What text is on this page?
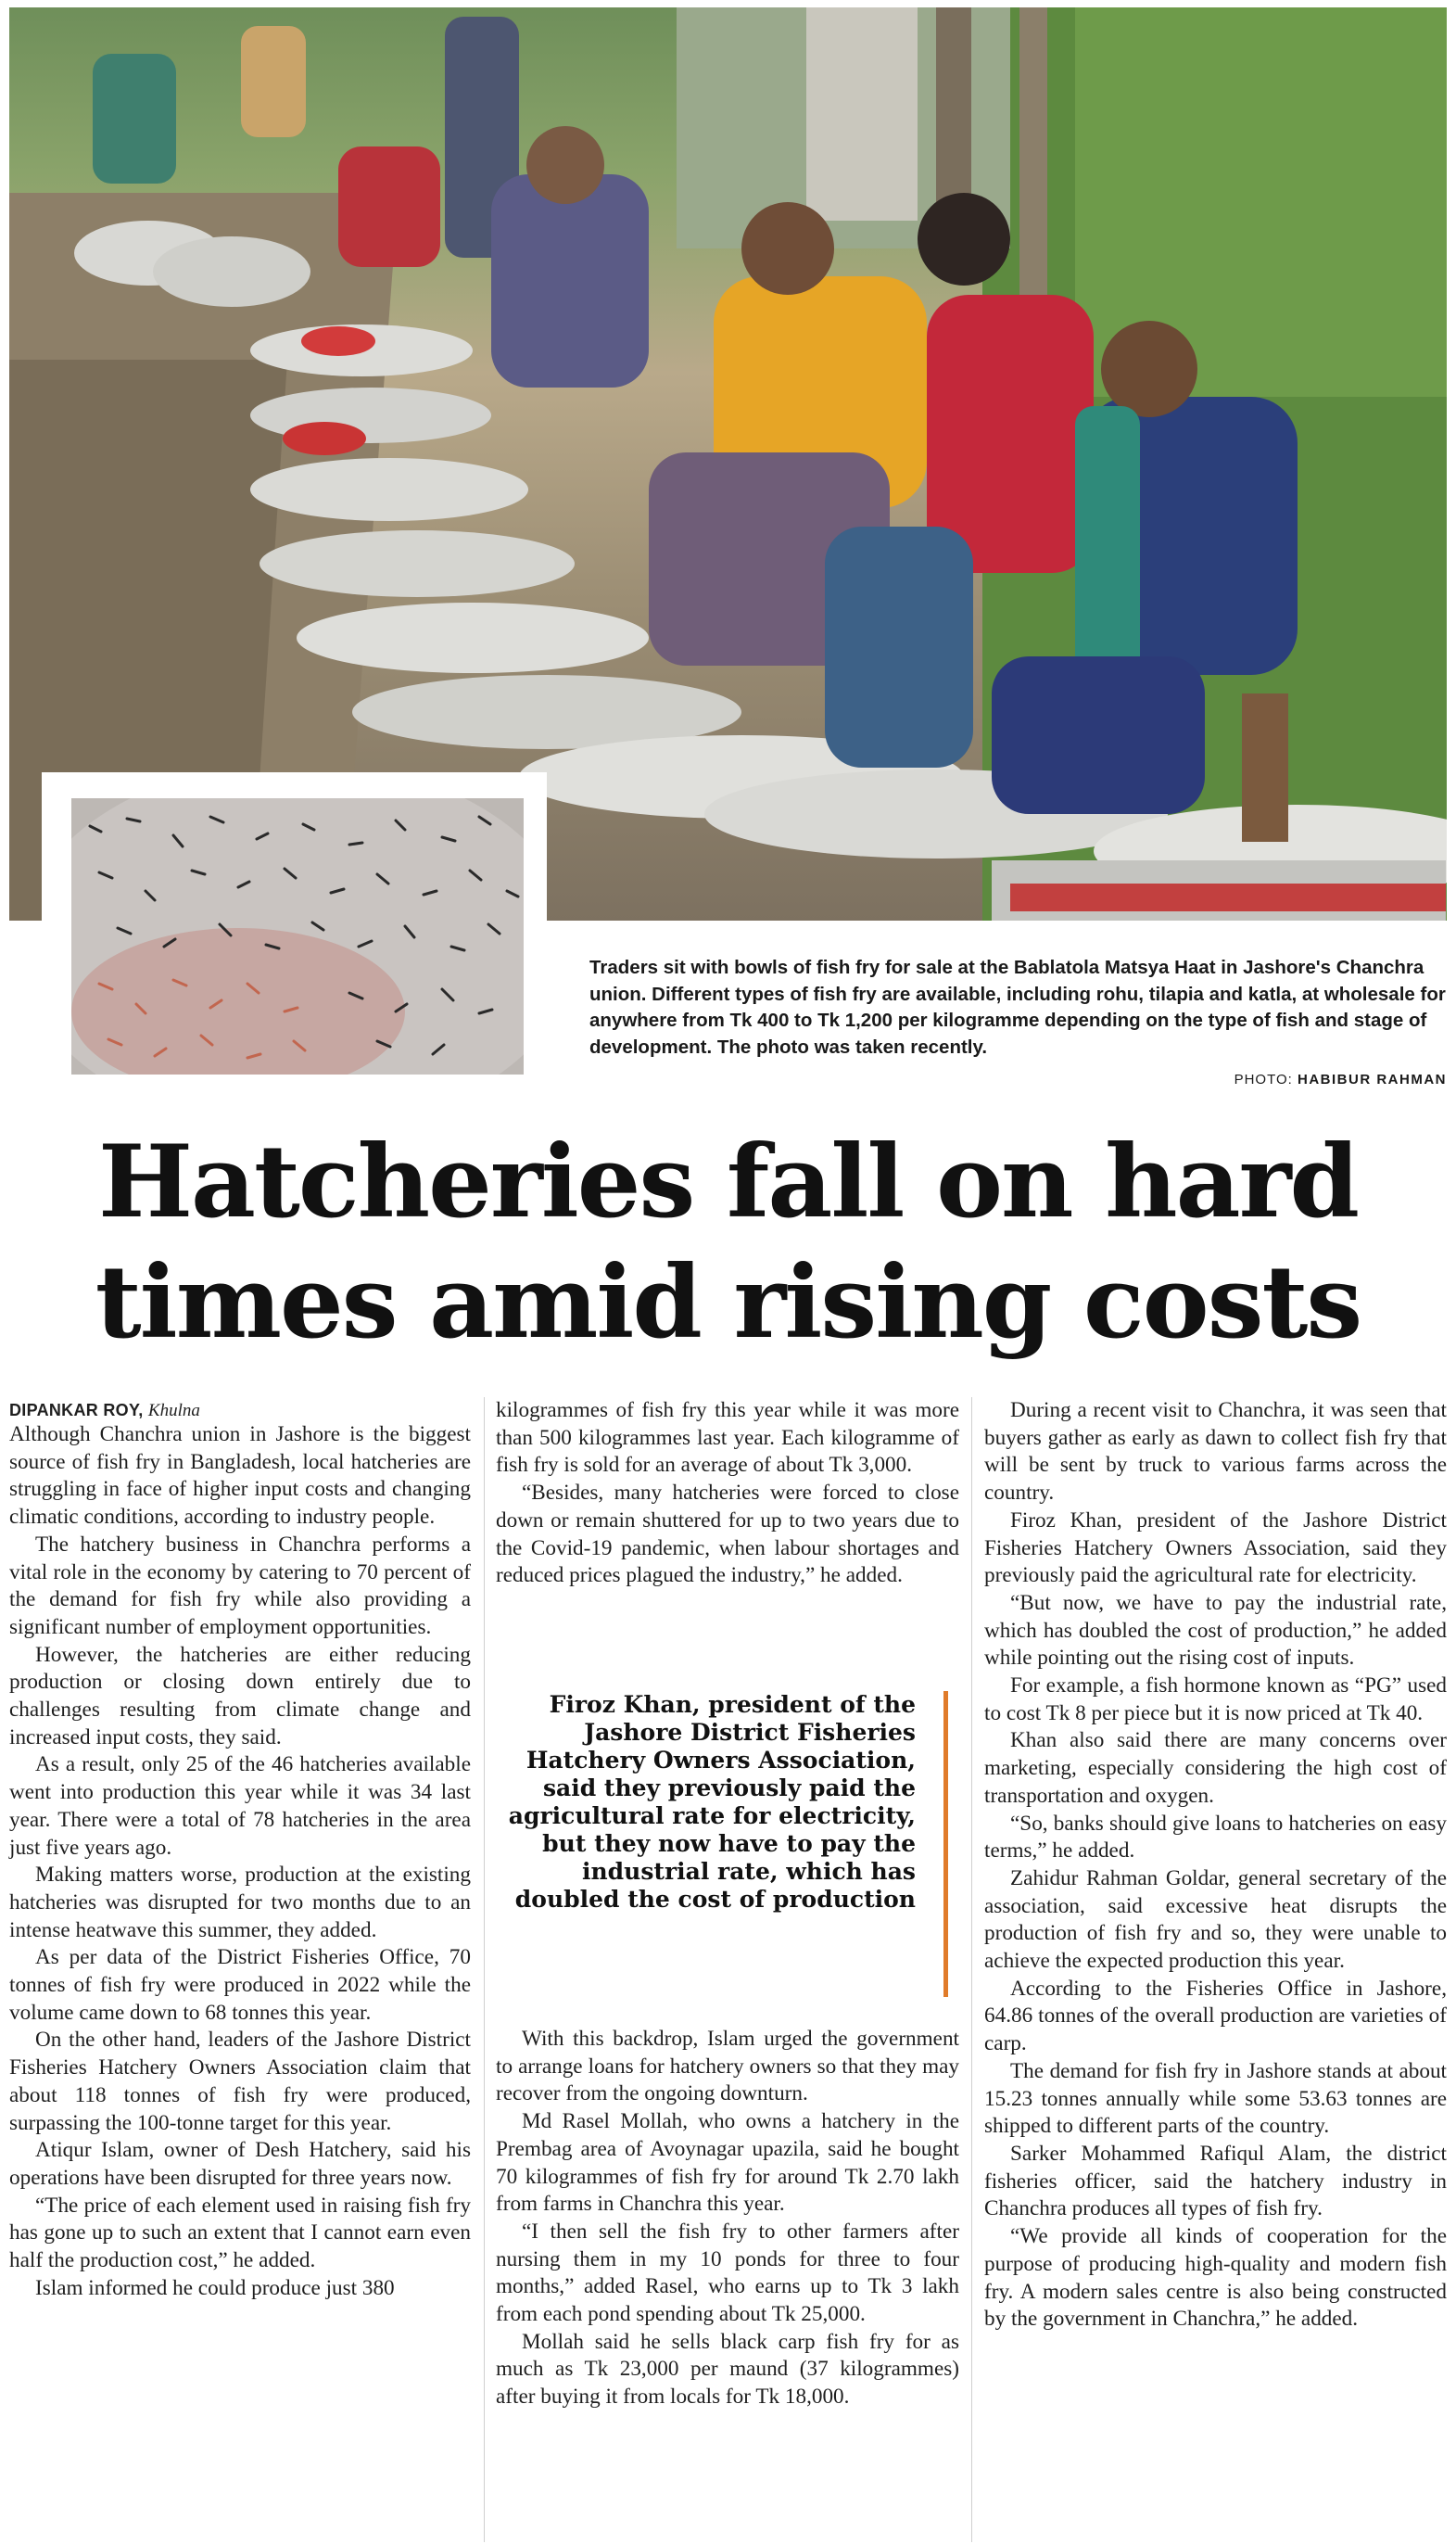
Traders sit with bowls of fish fry for sale at the Bablatola Matsya Haat in Jashore's Chanchra union. Different types of fish fry are available, including rohu, tilapia and katla, at wholesale for anywhere from Tk 400 to Tk 1,200 per kilogramme depending on the type of fish and stage of development. The photo was taken recently.
PHOTO: HABIBUR RAHMAN
Hatcheries fall on hard
times amid rising costs

DIPANKAR ROY, Khulna

Although Chanchra union in Jashore is the biggest source of fish fry in Bangladesh, local hatcheries are struggling in face of higher input costs and changing climatic conditions, according to industry people.

The hatchery business in Chanchra performs a vital role in the economy by catering to 70 percent of the demand for fish fry while also providing a significant number of employment opportunities.

However, the hatcheries are either reducing production or closing down entirely due to challenges resulting from climate change and increased input costs, they said.

As a result, only 25 of the 46 hatcheries available went into production this year while it was 34 last year. There were a total of 78 hatcheries in the area just five years ago.

Making matters worse, production at the existing hatcheries was disrupted for two months due to an intense heatwave this summer, they added.

As per data of the District Fisheries Office, 70 tonnes of fish fry were produced in 2022 while the volume came down to 68 tonnes this year.

On the other hand, leaders of the Jashore District Fisheries Hatchery Owners Association claim that about 118 tonnes of fish fry were produced, surpassing the 100-tonne target for this year.

Atiqur Islam, owner of Desh Hatchery, said his operations have been disrupted for three years now.

“The price of each element used in raising fish fry has gone up to such an extent that I cannot earn even half the production cost,” he added.

Islam informed he could produce just 380

kilogrammes of fish fry this year while it was more than 500 kilogrammes last year. Each kilogramme of fish fry is sold for an average of about Tk 3,000.

“Besides, many hatcheries were forced to close down or remain shuttered for up to two years due to the Covid-19 pandemic, when labour shortages and reduced prices plagued the industry,” he added.

Firoz Khan, president of the Jashore District Fisheries Hatchery Owners Association, said they previously paid the agricultural rate for electricity, but they now have to pay the industrial rate, which has doubled the cost of production

With this backdrop, Islam urged the government to arrange loans for hatchery owners so that they may recover from the ongoing downturn.

Md Rasel Mollah, who owns a hatchery in the Prembag area of Avoynagar upazila, said he bought 70 kilogrammes of fish fry for around Tk 2.70 lakh from farms in Chanchra this year.

“I then sell the fish fry to other farmers after nursing them in my 10 ponds for three to four months,” added Rasel, who earns up to Tk 3 lakh from each pond spending about Tk 25,000.

Mollah said he sells black carp fish fry for as much as Tk 23,000 per maund (37 kilogrammes) after buying it from locals for Tk 18,000.

During a recent visit to Chanchra, it was seen that buyers gather as early as dawn to collect fish fry that will be sent by truck to various farms across the country.

Firoz Khan, president of the Jashore District Fisheries Hatchery Owners Association, said they previously paid the agricultural rate for electricity.

“But now, we have to pay the industrial rate, which has doubled the cost of production,” he added while pointing out the rising cost of inputs.

For example, a fish hormone known as “PG” used to cost Tk 8 per piece but it is now priced at Tk 40.

Khan also said there are many concerns over marketing, especially considering the high cost of transportation and oxygen.

“So, banks should give loans to hatcheries on easy terms,” he added.

Zahidur Rahman Goldar, general secretary of the association, said excessive heat disrupts the production of fish fry and so, they were unable to achieve the expected production this year.

According to the Fisheries Office in Jashore, 64.86 tonnes of the overall production are varieties of carp.

The demand for fish fry in Jashore stands at about 15.23 tonnes annually while some 53.63 tonnes are shipped to different parts of the country.

Sarker Mohammed Rafiqul Alam, the district fisheries officer, said the hatchery industry in Chanchra produces all types of fish fry.

“We provide all kinds of cooperation for the purpose of producing high-quality and modern fish fry. A modern sales centre is also being constructed by the government in Chanchra,” he added.
